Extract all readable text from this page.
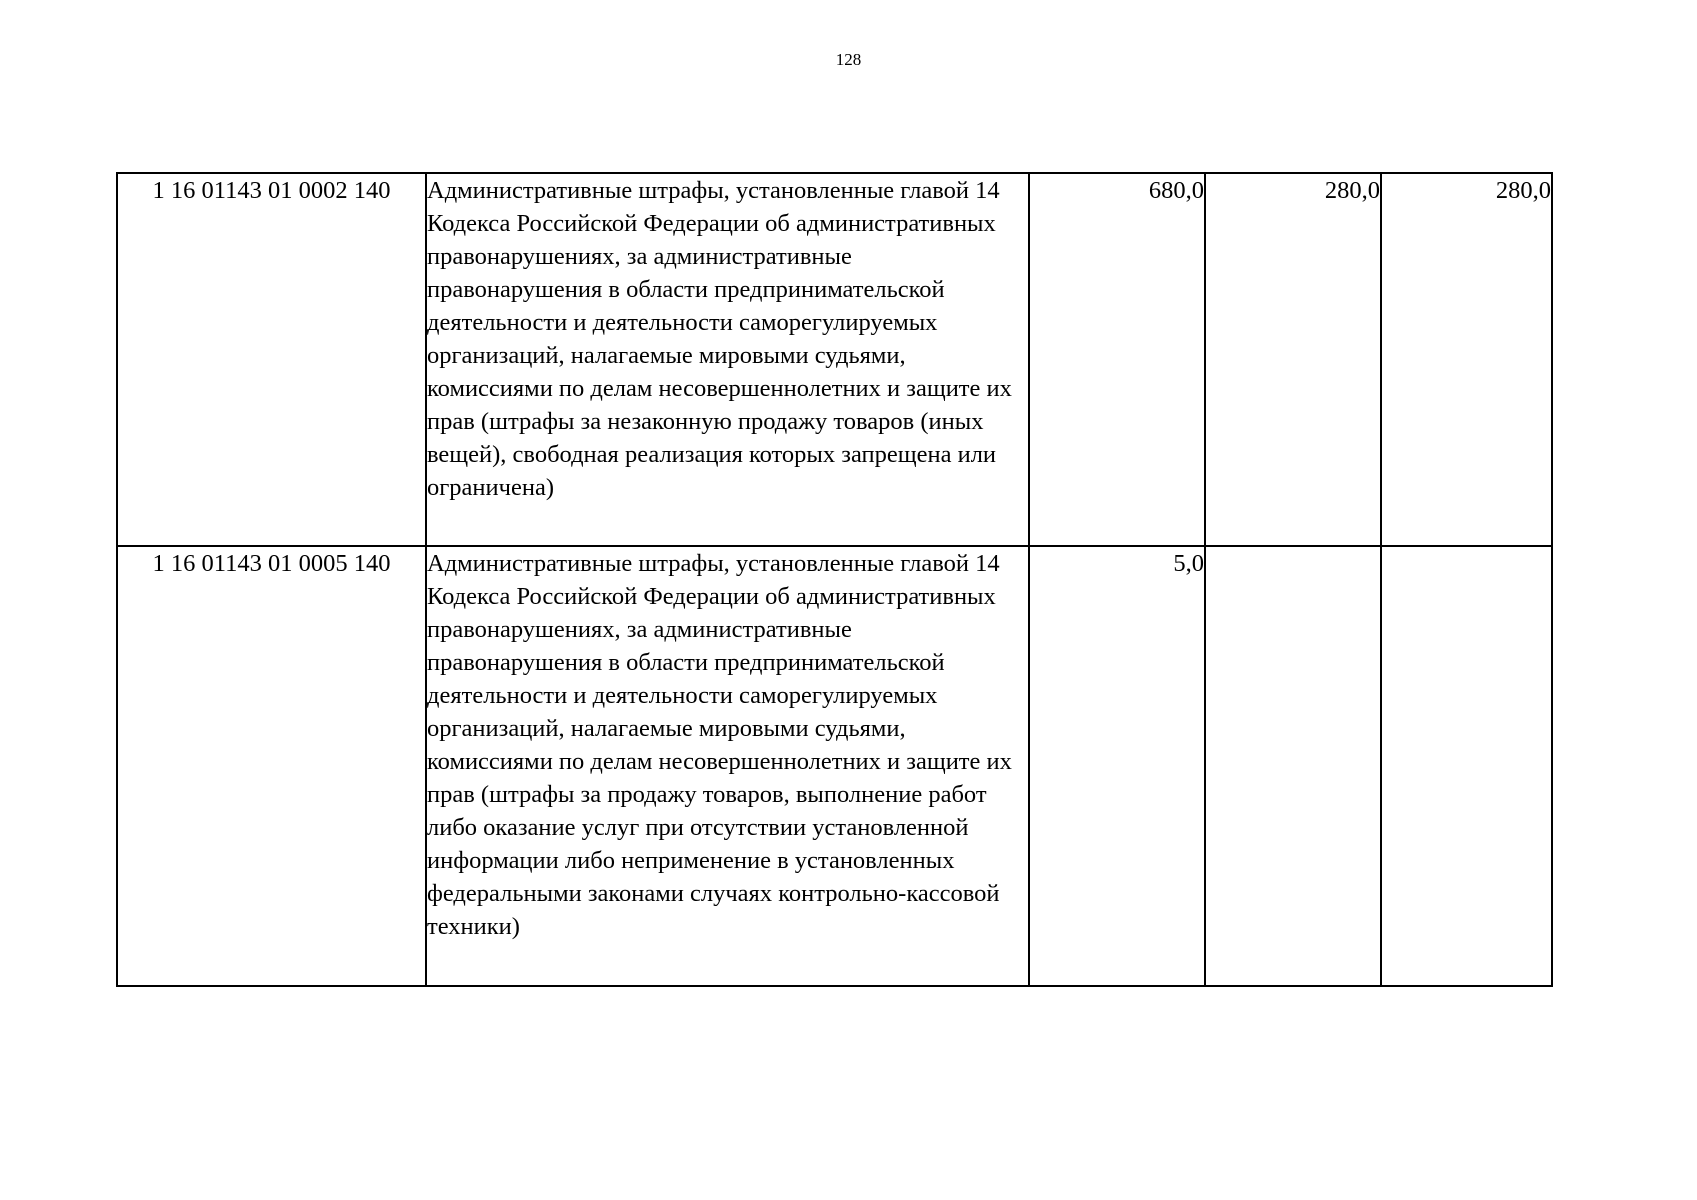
128
1 16 01143 01 0002 140	Административные штрафы, установленные главой 14 Кодекса Российской Федерации об административных правонарушениях, за административные правонарушения в области предпринимательской деятельности и деятельности саморегулируемых организаций, налагаемые мировыми судьями, комиссиями по делам несовершеннолетних и защите их прав (штрафы за незаконную продажу товаров (иных вещей), свободная реализация которых запрещена или ограничена)	680,0	280,0	280,0
1 16 01143 01 0005 140	Административные штрафы, установленные главой 14 Кодекса Российской Федерации об административных правонарушениях, за административные правонарушения в области предпринимательской деятельности и деятельности саморегулируемых организаций, налагаемые мировыми судьями, комиссиями по делам несовершеннолетних и защите их прав (штрафы за продажу товаров, выполнение работ либо оказание услуг при отсутствии установленной информации либо неприменение в установленных федеральными законами случаях контрольно-кассовой техники)	5,0		
